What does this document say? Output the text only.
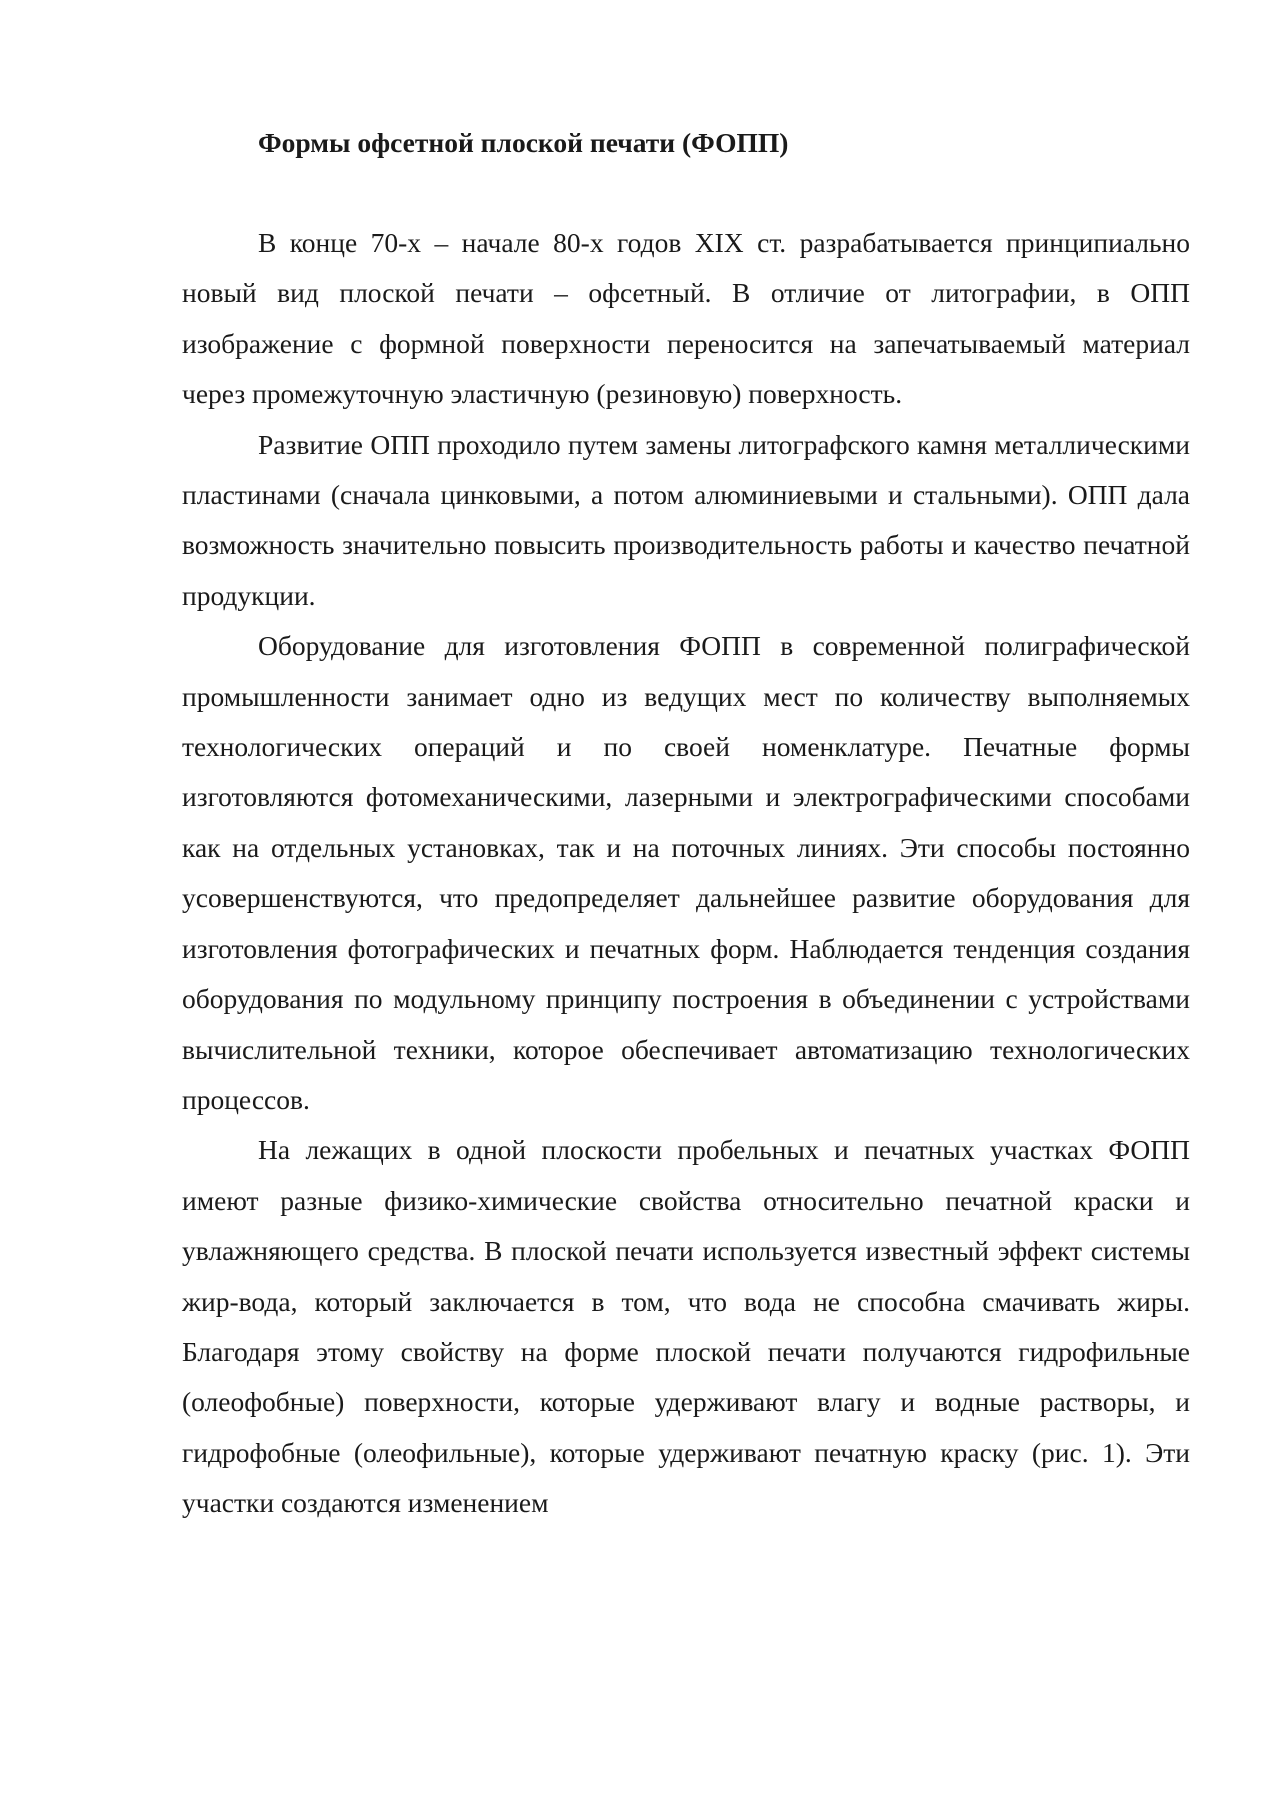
Формы офсетной плоской печати (ФОПП)

В конце 70-х – начале 80-х годов XIX ст. разрабатывается принципиально новый вид плоской печати – офсетный. В отличие от литографии, в ОПП изображение с формной поверхности переносится на запечатываемый материал через промежуточную эластичную (резиновую) поверхность.

Развитие ОПП проходило путем замены литографского камня металлическими пластинами (сначала цинковыми, а потом алюминиевыми и стальными). ОПП дала возможность значительно повысить производительность работы и качество печатной продукции.

Оборудование для изготовления ФОПП в современной полиграфической промышленности занимает одно из ведущих мест по количеству выполняемых технологических операций и по своей номенклатуре. Печатные формы изготовляются фотомеханическими, лазерными и электрографическими способами как на отдельных установках, так и на поточных линиях. Эти способы постоянно усовершенствуются, что предопределяет дальнейшее развитие оборудования для изготовления фотографических и печатных форм. Наблюдается тенденция создания оборудования по модульному принципу построения в объединении с устройствами вычислительной техники, которое обеспечивает автоматизацию технологических процессов.

На лежащих в одной плоскости пробельных и печатных участках ФОПП имеют разные физико-химические свойства относительно печатной краски и увлажняющего средства. В плоской печати используется известный эффект системы жир-вода, который заключается в том, что вода не способна смачивать жиры. Благодаря этому свойству на форме плоской печати получаются гидрофильные (олеофобные) поверхности, которые удерживают влагу и водные растворы, и гидрофобные (олеофильные), которые удерживают печатную краску (рис. 1). Эти участки создаются изменением
